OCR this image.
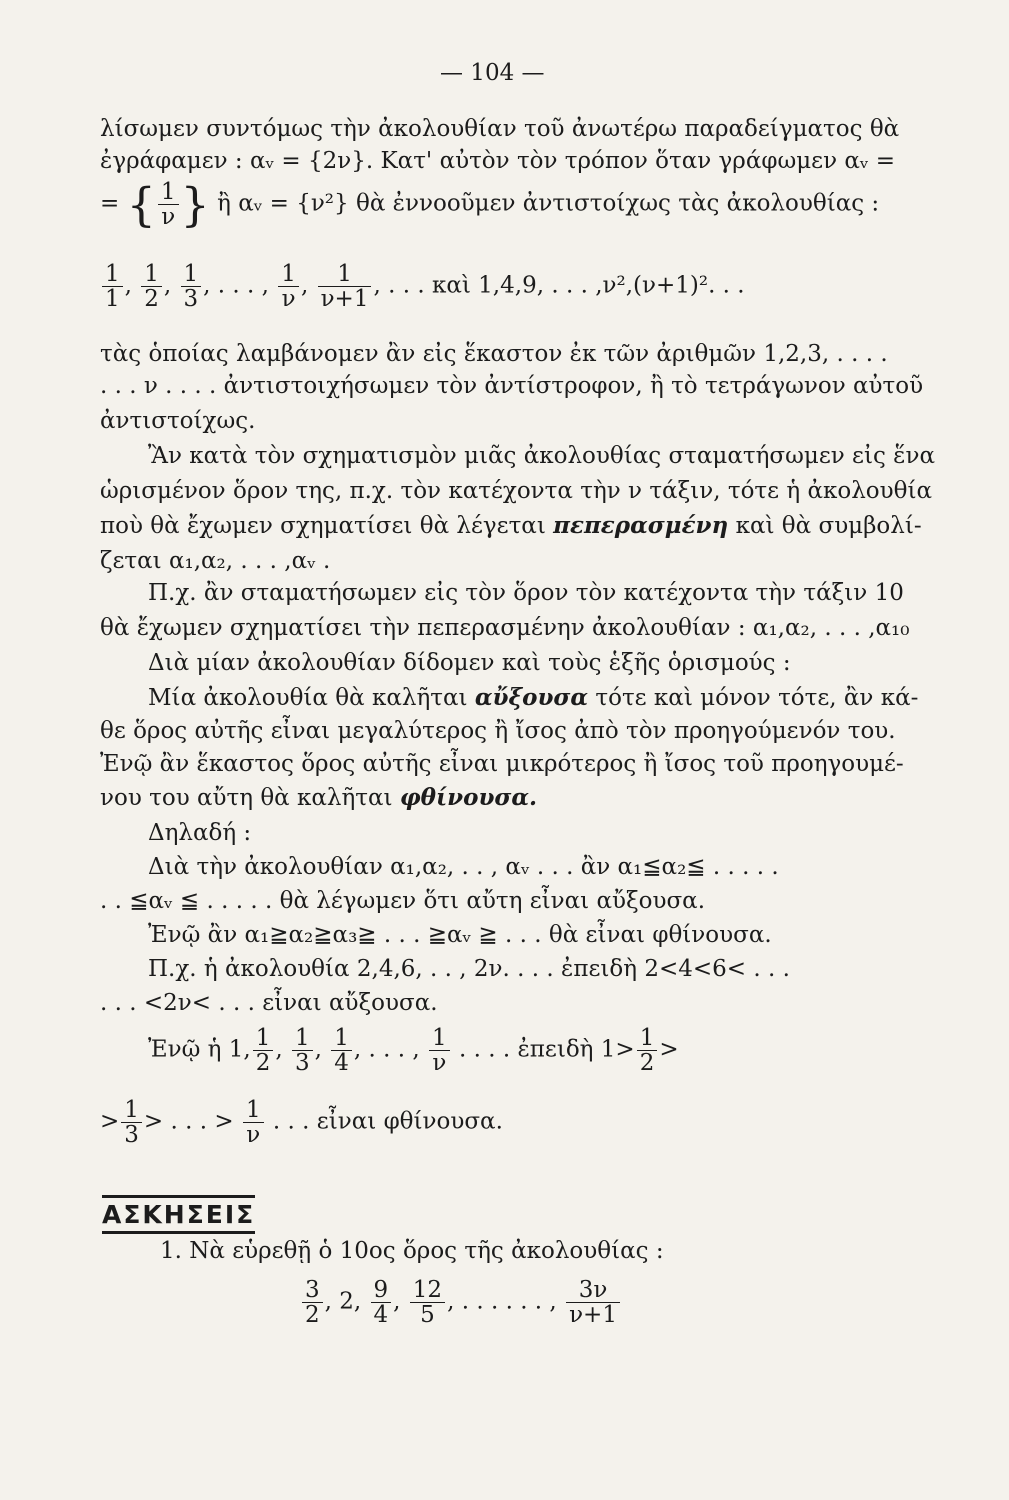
— 104 —
λίσωμεν συντόμως τὴν ἀκολουθίαν τοῦ ἀνωτέρω παραδείγματος θὰ
ἐγράφαμεν : αᵥ = {2ν}. Κατ' αὐτὸν τὸν τρόπον ὅταν γράφωμεν αᵥ =
= { $\frac{1}{\nu}$ } ἢ αᵥ = {ν²} θὰ ἐννοοῦμεν ἀντιστοίχως τὰς ἀκολουθίας :
$\frac{1}{1}$ , $\frac{1}{2}$ , $\frac{1}{3}$ , . . . , $\frac{1}{\nu}$ , $\frac{1}{\nu+1}$ , . . . καὶ 1,4,9, . . . ,ν²,(ν+1)². . .
τὰς ὁποίας λαμβάνομεν ἂν εἰς ἕκαστον ἐκ τῶν ἀριθμῶν 1,2,3, . . . .
. . . ν . . . . ἀντιστοιχήσωμεν τὸν ἀντίστροφον, ἢ τὸ τετράγωνον αὐτοῦ
ἀντιστοίχως.
Ἂν κατὰ τὸν σχηματισμὸν μιᾶς ἀκολουθίας σταματήσωμεν εἰς ἕνα
ὡρισμένον ὅρον της, π.χ. τὸν κατέχοντα τὴν ν τάξιν, τότε ἡ ἀκολουθία
ποὺ θὰ ἔχωμεν σχηματίσει θὰ λέγεται πεπερασμένη καὶ θὰ συμβολί-
ζεται α₁,α₂, . . . ,αᵥ .
Π.χ. ἂν σταματήσωμεν εἰς τὸν ὅρον τὸν κατέχοντα τὴν τάξιν 10
θὰ ἔχωμεν σχηματίσει τὴν πεπερασμένην ἀκολουθίαν : α₁,α₂, . . . ,α₁₀
Διὰ μίαν ἀκολουθίαν δίδομεν καὶ τοὺς ἑξῆς ὁρισμούς :
Μία ἀκολουθία θὰ καλῆται αὔξουσα τότε καὶ μόνον τότε, ἂν κά-
θε ὅρος αὐτῆς εἶναι μεγαλύτερος ἢ ἴσος ἀπὸ τὸν προηγούμενόν του.
Ἐνῷ ἂν ἕκαστος ὅρος αὐτῆς εἶναι μικρότερος ἢ ἴσος τοῦ προηγουμέ-
νου του αὔτη θὰ καλῆται φθίνουσα.
Δηλαδή :
Διὰ τὴν ἀκολουθίαν α₁,α₂, . . , αᵥ . . . ἂν α₁≦α₂≦ . . . . .
. . ≦αᵥ ≦ . . . . . θὰ λέγωμεν ὅτι αὔτη εἶναι αὔξουσα.
Ἐνῷ ἂν α₁≧α₂≧α₃≧ . . . ≧αᵥ ≧ . . . θὰ εἶναι φθίνουσα.
Π.χ. ἡ ἀκολουθία 2,4,6, . . , 2ν. . . . ἐπειδὴ 2<4<6< . . .
. . . <2ν< . . . εἶναι αὔξουσα.
Ἐνῷ ἡ 1, $\frac{1}{2}$ , $\frac{1}{3}$ , $\frac{1}{4}$ , . . . , $\frac{1}{\nu}$ . . . . ἐπειδὴ $1> \frac{1}{2}$ >
> $\frac{1}{3}$ > . . . > $\frac{1}{\nu}$ . . . εἶναι φθίνουσα.
ΑΣΚΗΣΕΙΣ
1. Νὰ εὑρεθῇ ὁ 10ος ὅρος τῆς ἀκολουθίας :
$\frac{3}{2}$ , 2, $\frac{9}{4}$ , $\frac{12}{5}$ , . . . . . . , $\frac{3\nu}{\nu+1}$
